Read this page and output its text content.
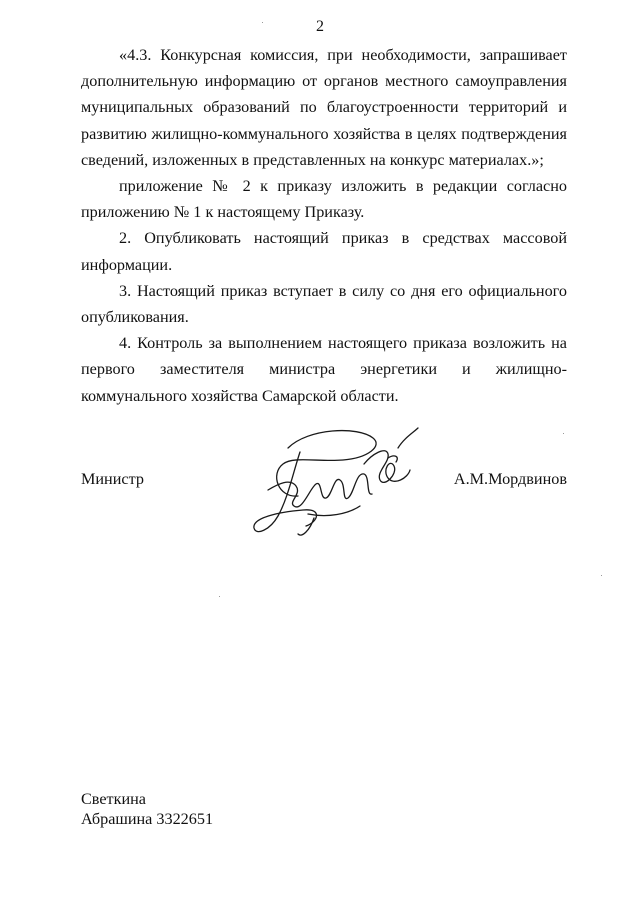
2

«4.3. Конкурсная комиссия, при необходимости, запрашивает дополнительную информацию от органов местного самоуправления муниципальных образований по благоустроенности территорий и развитию жилищно-коммунального хозяйства в целях подтверждения сведений, изложенных в представленных на конкурс материалах.»;

приложение № 2 к приказу изложить в редакции согласно приложению № 1 к настоящему Приказу.

2. Опубликовать настоящий приказ в средствах массовой информации.

3. Настоящий приказ вступает в силу со дня его официального опубликования.

4. Контроль за выполнением настоящего приказа возложить на первого заместителя министра энергетики и жилищно-коммунального хозяйства Самарской области.

Министр	А.М.Мордвинов
Светкина
Абрашина 3322651
